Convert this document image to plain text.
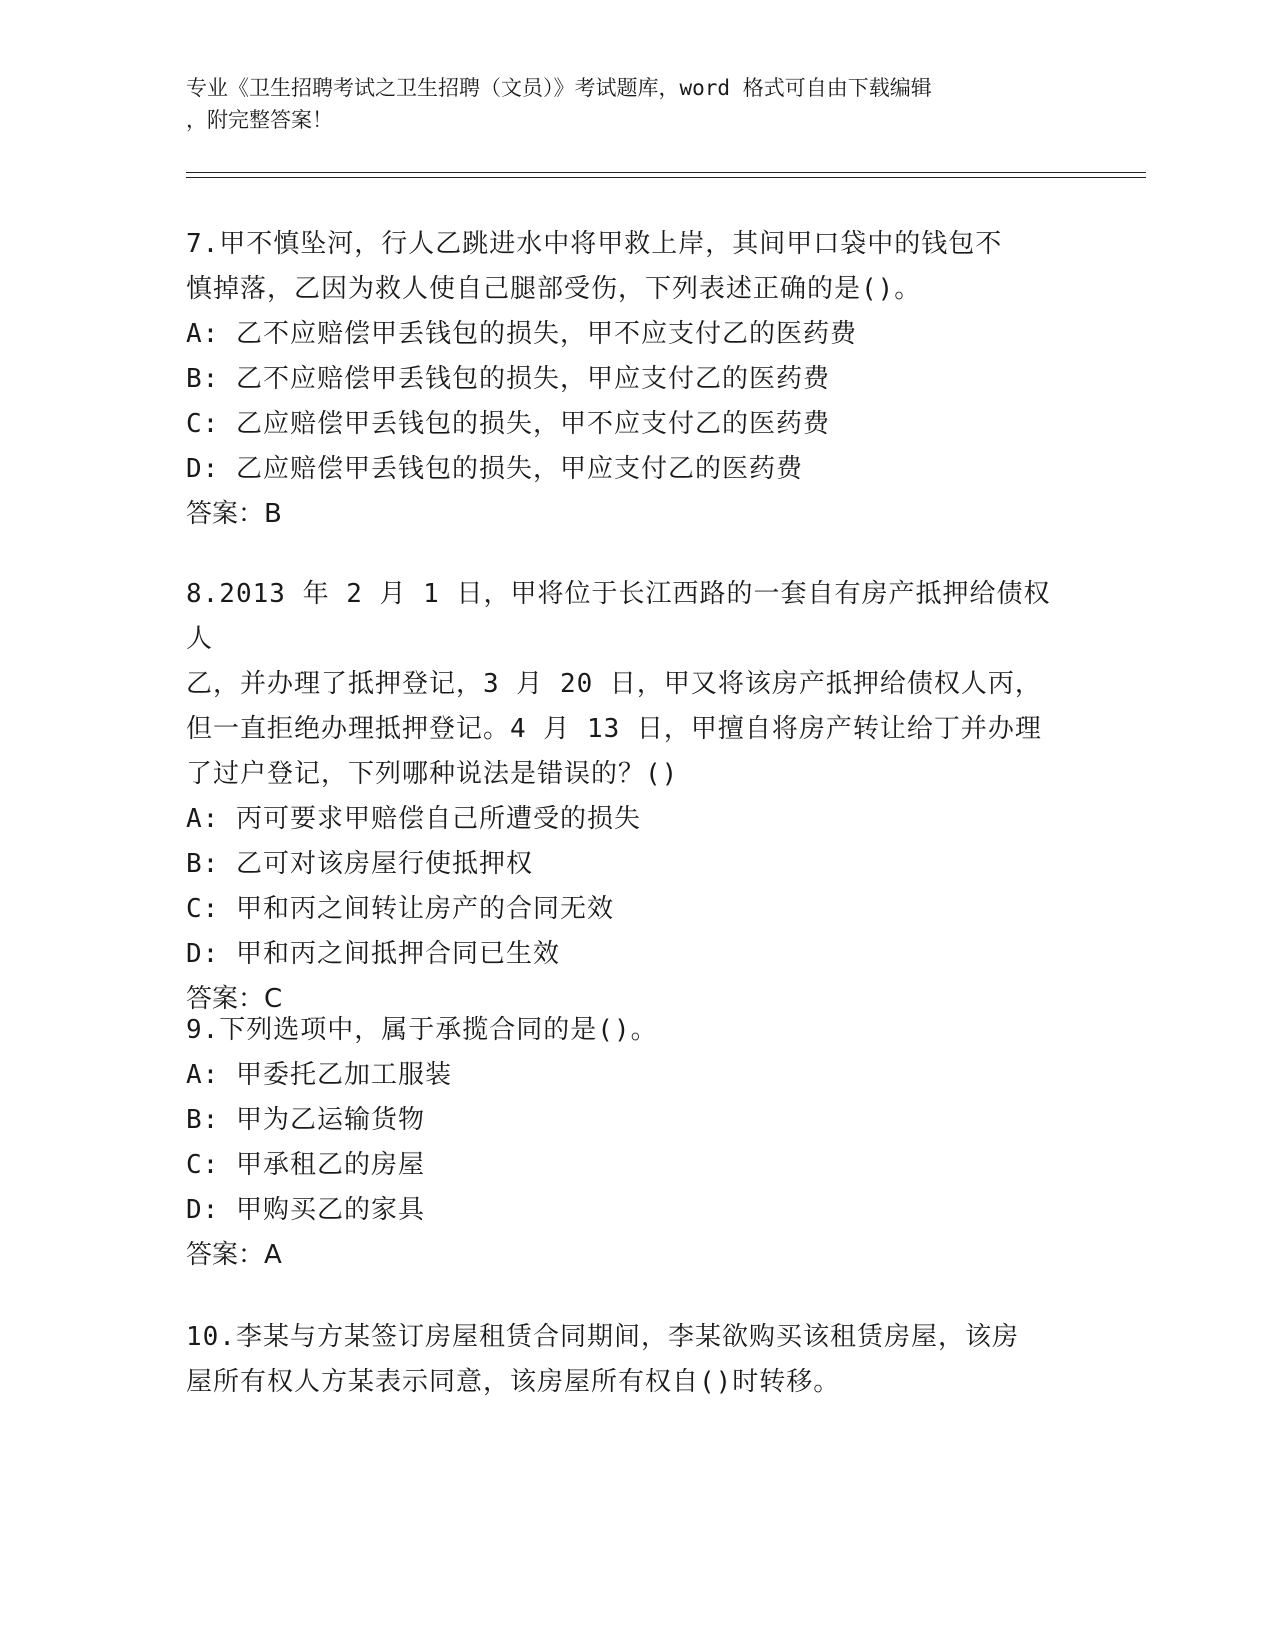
专业《卫生招聘考试之卫生招聘（文员）》考试题库，word 格式可自由下载编辑
，附完整答案！

7.甲不慎坠河，行人乙跳进水中将甲救上岸，其间甲口袋中的钱包不

慎掉落，乙因为救人使自己腿部受伤，下列表述正确的是()。

A: 乙不应赔偿甲丢钱包的损失，甲不应支付乙的医药费

B: 乙不应赔偿甲丢钱包的损失，甲应支付乙的医药费

C: 乙应赔偿甲丢钱包的损失，甲不应支付乙的医药费

D: 乙应赔偿甲丢钱包的损失，甲应支付乙的医药费

答案：B

8.2013 年 2 月 1 日，甲将位于长江西路的一套自有房产抵押给债权人

乙，并办理了抵押登记，3 月 20 日，甲又将该房产抵押给债权人丙，

但一直拒绝办理抵押登记。4 月 13 日，甲擅自将房产转让给丁并办理

了过户登记，下列哪种说法是错误的？()

A: 丙可要求甲赔偿自己所遭受的损失

B: 乙可对该房屋行使抵押权

C: 甲和丙之间转让房产的合同无效

D: 甲和丙之间抵押合同已生效

答案：C

9.下列选项中，属于承揽合同的是()。

A: 甲委托乙加工服装

B: 甲为乙运输货物

C: 甲承租乙的房屋

D: 甲购买乙的家具

答案：A

10.李某与方某签订房屋租赁合同期间，李某欲购买该租赁房屋，该房

屋所有权人方某表示同意，该房屋所有权自()时转移。
